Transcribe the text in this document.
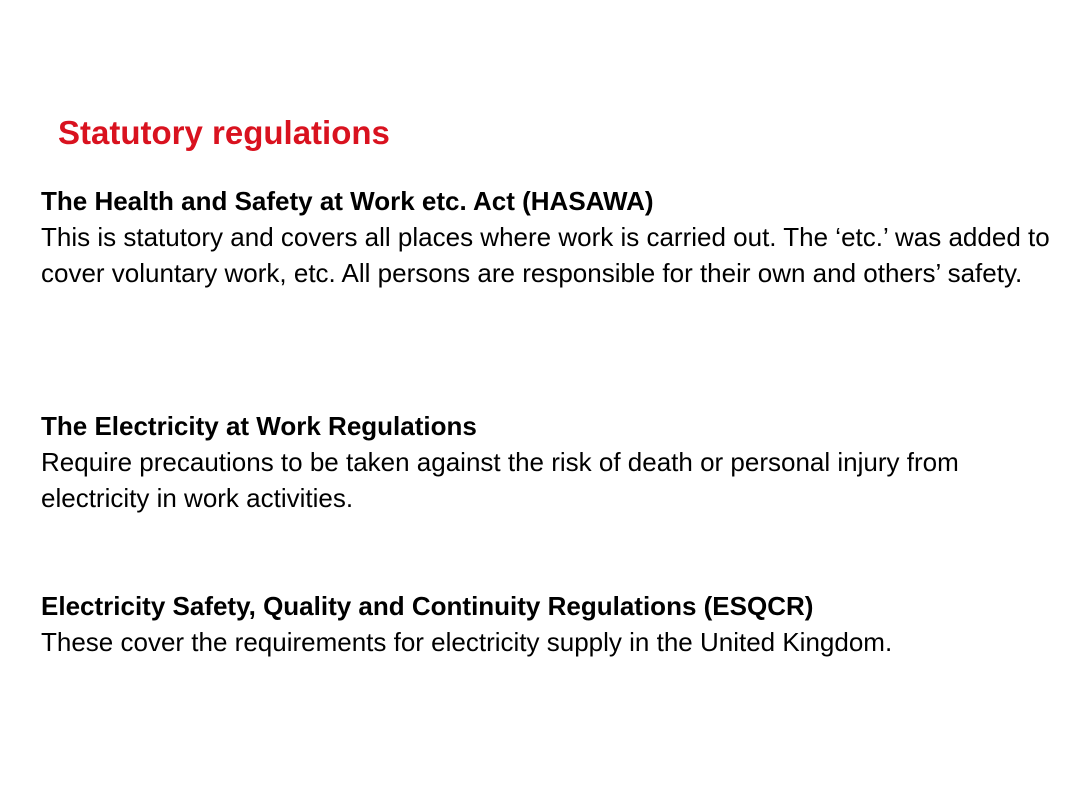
Statutory regulations

The Health and Safety at Work etc. Act (HASAWA)

This is statutory and covers all places where work is carried out. The ‘etc.’ was added to cover voluntary work, etc. All persons are responsible for their own and others’ safety.

The Electricity at Work Regulations

Require precautions to be taken against the risk of death or personal injury from electricity in work activities.

Electricity Safety, Quality and Continuity Regulations (ESQCR)

These cover the requirements for electricity supply in the United Kingdom.
